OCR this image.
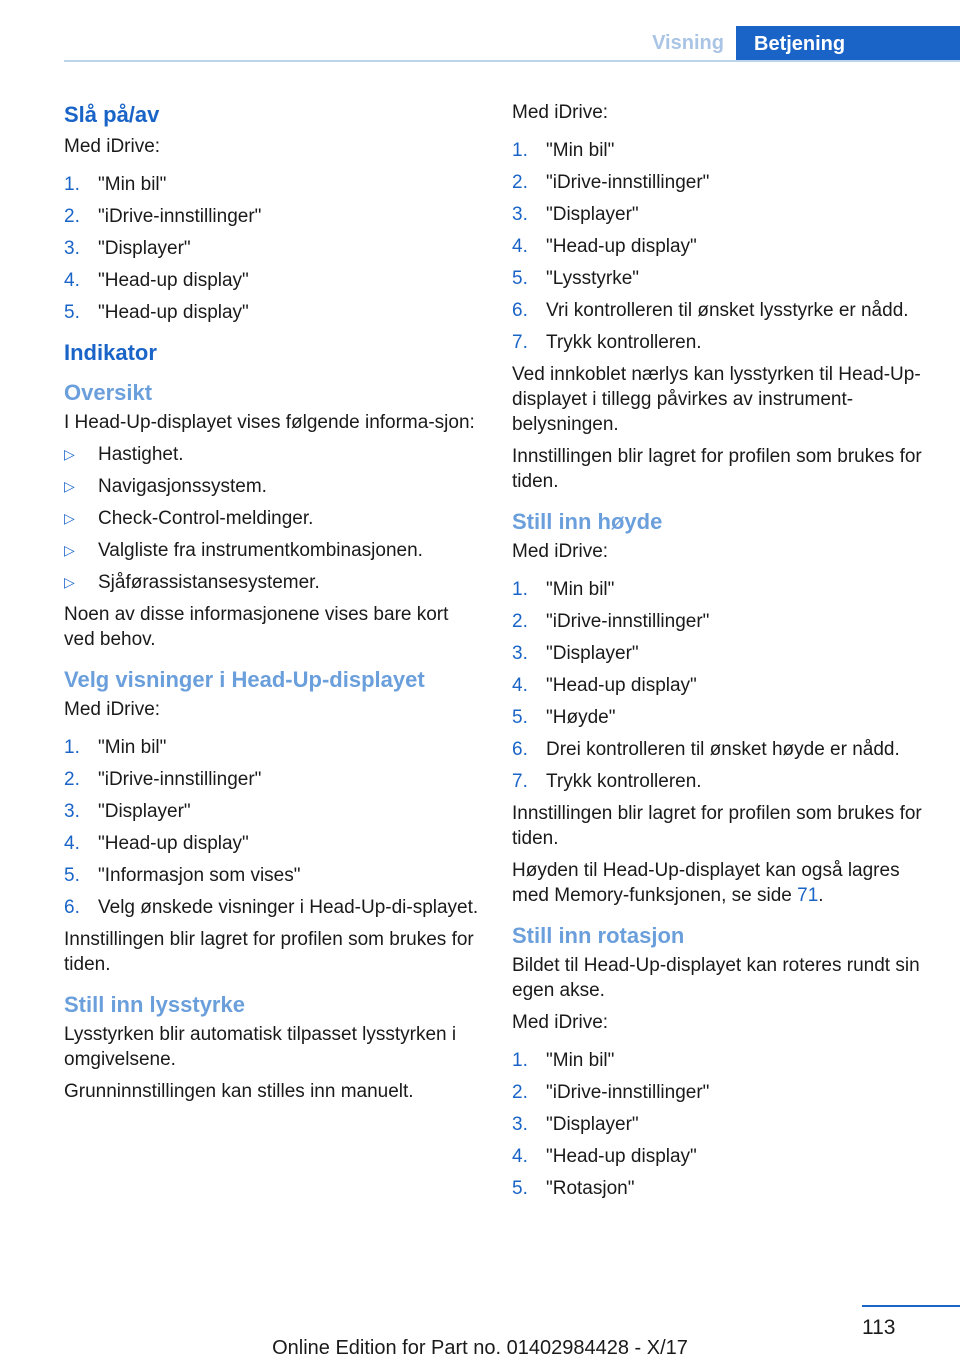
Visning	Betjening
Slå på/av
Med iDrive:
1. "Min bil"
2. "iDrive-innstillinger"
3. "Displayer"
4. "Head-up display"
5. "Head-up display"
Indikator
Oversikt
I Head-Up-displayet vises følgende informa-sjon:
▷	Hastighet.
▷	Navigasjonssystem.
▷	Check-Control-meldinger.
▷	Valgliste fra instrumentkombinasjonen.
▷	Sjåførassistansesystemer.
Noen av disse informasjonene vises bare kort ved behov.
Velg visninger i Head-Up-displayet
Med iDrive:
1. "Min bil"
2. "iDrive-innstillinger"
3. "Displayer"
4. "Head-up display"
5. "Informasjon som vises"
6. Velg ønskede visninger i Head-Up-di-splayet.
Innstillingen blir lagret for profilen som brukes for tiden.
Still inn lysstyrke
Lysstyrken blir automatisk tilpasset lysstyrken i omgivelsene.
Grunninnstillingen kan stilles inn manuelt.
Med iDrive:
1. "Min bil"
2. "iDrive-innstillinger"
3. "Displayer"
4. "Head-up display"
5. "Lysstyrke"
6. Vri kontrolleren til ønsket lysstyrke er nådd.
7. Trykk kontrolleren.
Ved innkoblet nærlys kan lysstyrken til Head-Up-displayet i tillegg påvirkes av instrument-belysningen.
Innstillingen blir lagret for profilen som brukes for tiden.
Still inn høyde
Med iDrive:
1. "Min bil"
2. "iDrive-innstillinger"
3. "Displayer"
4. "Head-up display"
5. "Høyde"
6. Drei kontrolleren til ønsket høyde er nådd.
7. Trykk kontrolleren.
Innstillingen blir lagret for profilen som brukes for tiden.
Høyden til Head-Up-displayet kan også lagres med Memory-funksjonen, se side 71.
Still inn rotasjon
Bildet til Head-Up-displayet kan roteres rundt sin egen akse.
Med iDrive:
1. "Min bil"
2. "iDrive-innstillinger"
3. "Displayer"
4. "Head-up display"
5. "Rotasjon"
113
Online Edition for Part no. 01402984428 - X/17
